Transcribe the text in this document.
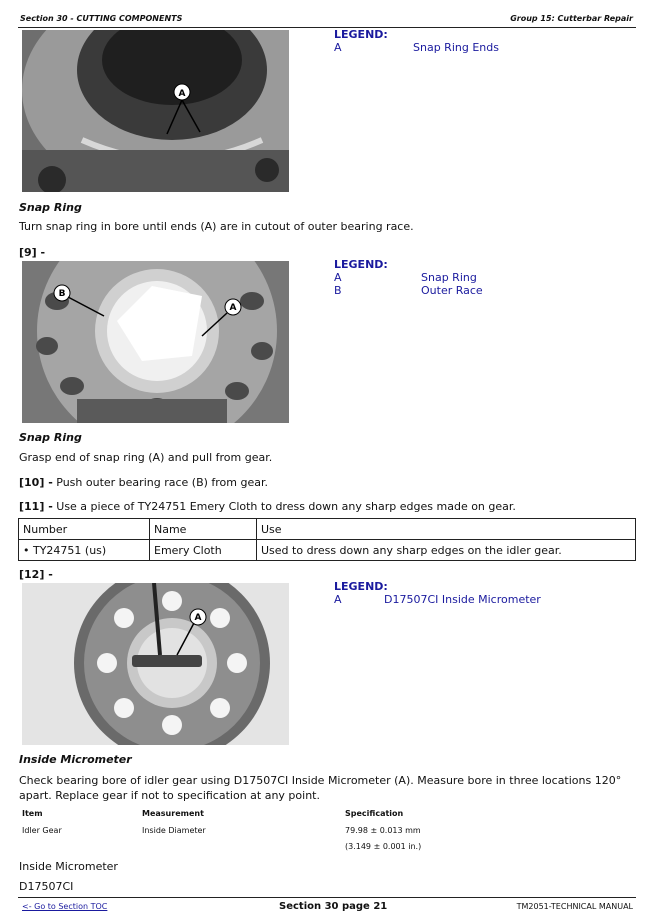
Section 30 - CUTTING COMPONENTS	Group 15: Cutterbar Repair
A
LEGEND:
A	Snap Ring Ends
Snap Ring
Turn snap ring in bore until ends (A) are in cutout of outer bearing race.
[9] -
B
A
LEGEND:
A	Snap Ring
B	Outer Race
Snap Ring
Grasp end of snap ring (A) and pull from gear.
[10] - Push outer bearing race (B) from gear.
[11] - Use a piece of TY24751 Emery Cloth to dress down any sharp edges made on gear.
Number	Name	Use
• TY24751 (us)	Emery Cloth	Used to dress down any sharp edges on the idler gear.
[12] -
A
LEGEND:
A	D17507CI Inside Micrometer
Inside Micrometer
Check bearing bore of idler gear using D17507CI Inside Micrometer (A). Measure bore in three locations 120° apart. Replace gear if not to specification at any point.
Item	Measurement	Specification
Idler Gear	Inside Diameter	79.98 ± 0.013 mm
(3.149 ± 0.001 in.)
Inside Micrometer
D17507CI
<- Go to Section TOC	Section 30 page 21	TM2051-TECHNICAL MANUAL
